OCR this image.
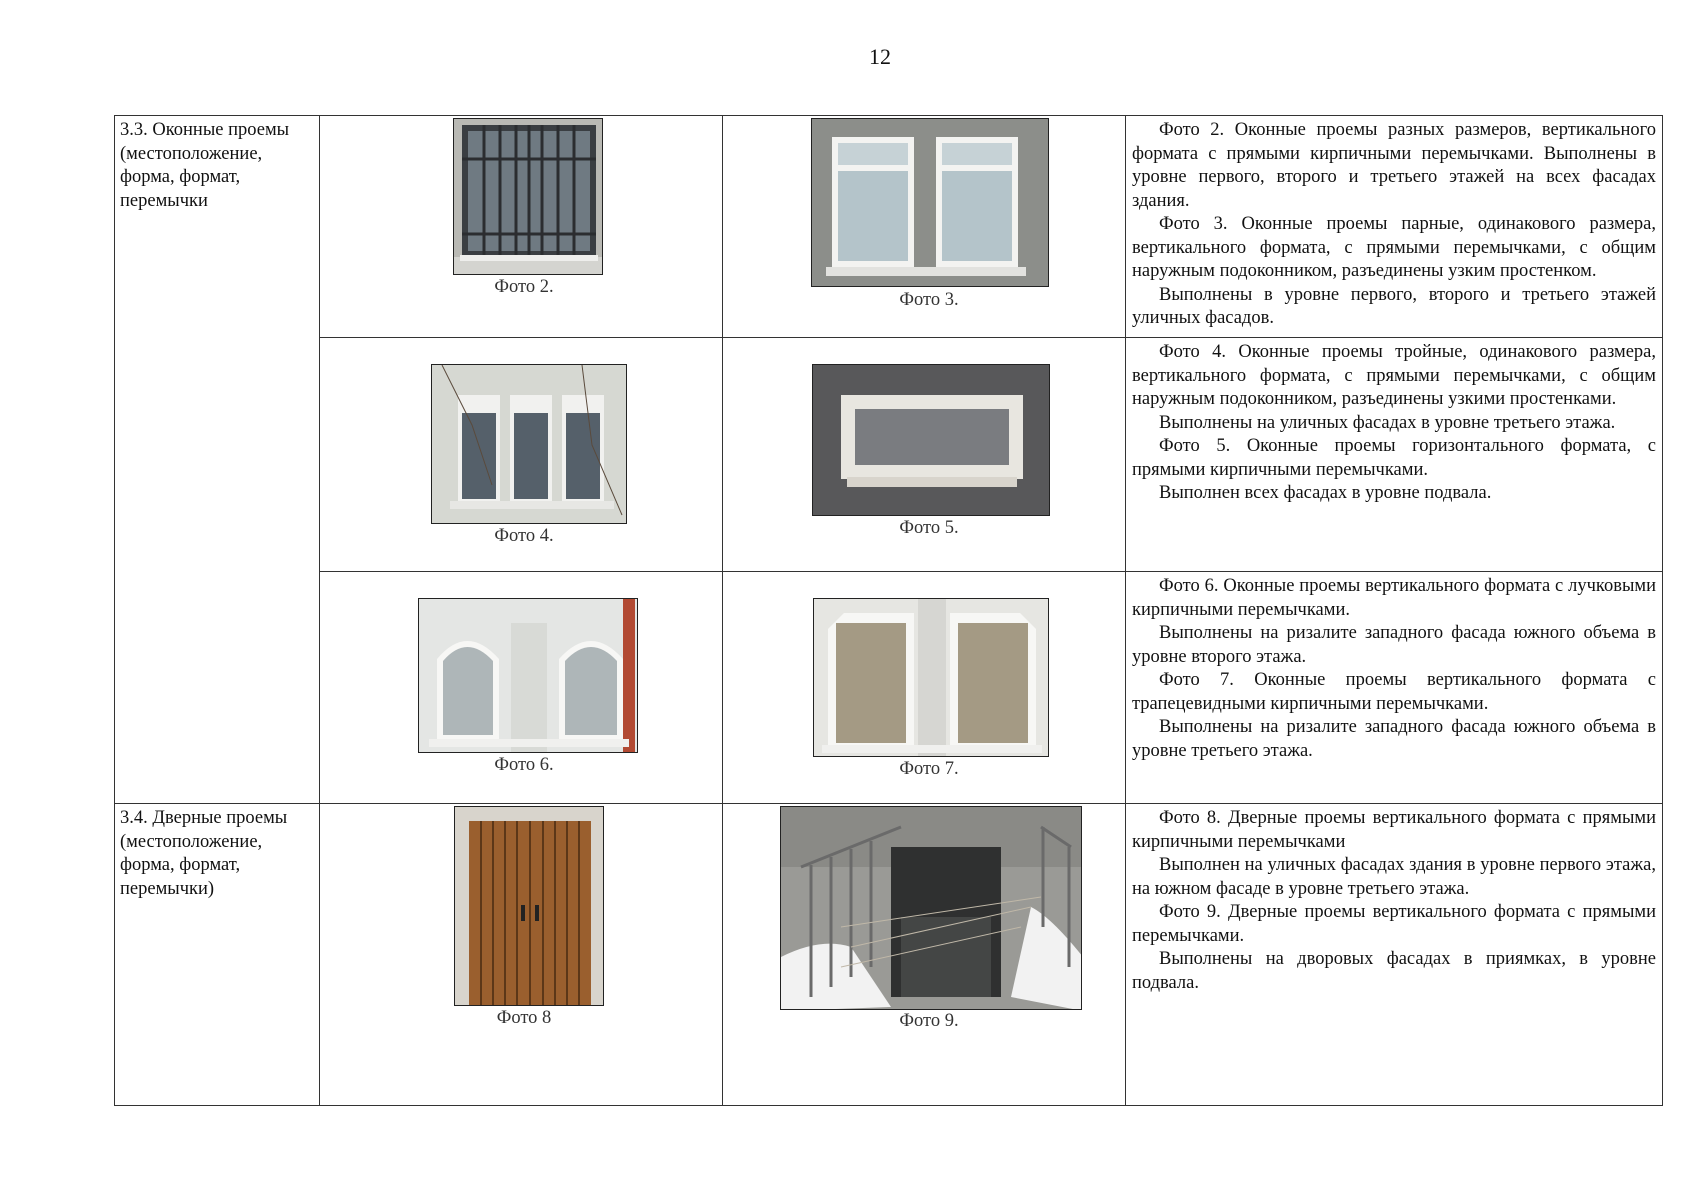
12
3.3. Оконные проемы (местоположение, форма, формат, перемычки	Фото 2.	Фото 3.	Фото 2. Оконные проемы разных размеров, вертикального формата с прямыми кирпичными перемычками. Выполнены в уровне первого, второго и третьего этажей на всех фасадах здания.

Фото 3. Оконные проемы парные, одинакового размера, вертикального формата, с прямыми перемычками, с общим наружным подоконником, разъединены узким простенком.

Выполнены в уровне первого, второго и третьего этажей уличных фасадов.

	Фото 4.	Фото 5.	Фото 4. Оконные проемы тройные, одинакового размера, вертикального формата, с прямыми перемычками, с общим наружным подоконником, разъединены узкими простенками.

Выполнены на уличных фасадах в уровне третьего этажа.

Фото 5. Оконные проемы горизонтального формата, с прямыми кирпичными перемычками.

Выполнен всех фасадах в уровне подвала.

	Фото 6.	Фото 7.	Фото 6. Оконные проемы вертикального формата с лучковыми кирпичными перемычками.

Выполнены на ризалите западного фасада южного объема в уровне второго этажа.

Фото 7. Оконные проемы вертикального формата с трапецевидными кирпичными перемычками.

Выполнены на ризалите западного фасада южного объема в уровне третьего этажа.

3.4. Дверные проемы (местоположение, форма, формат, перемычки)	Фото 8	Фото 9.	Фото 8. Дверные проемы вертикального формата с прямыми кирпичными перемычками

Выполнен на уличных фасадах здания в уровне первого этажа, на южном фасаде в уровне третьего этажа.

Фото 9. Дверные проемы вертикального формата с прямыми перемычками.

Выполнены на дворовых фасадах в приямках, в уровне подвала.
